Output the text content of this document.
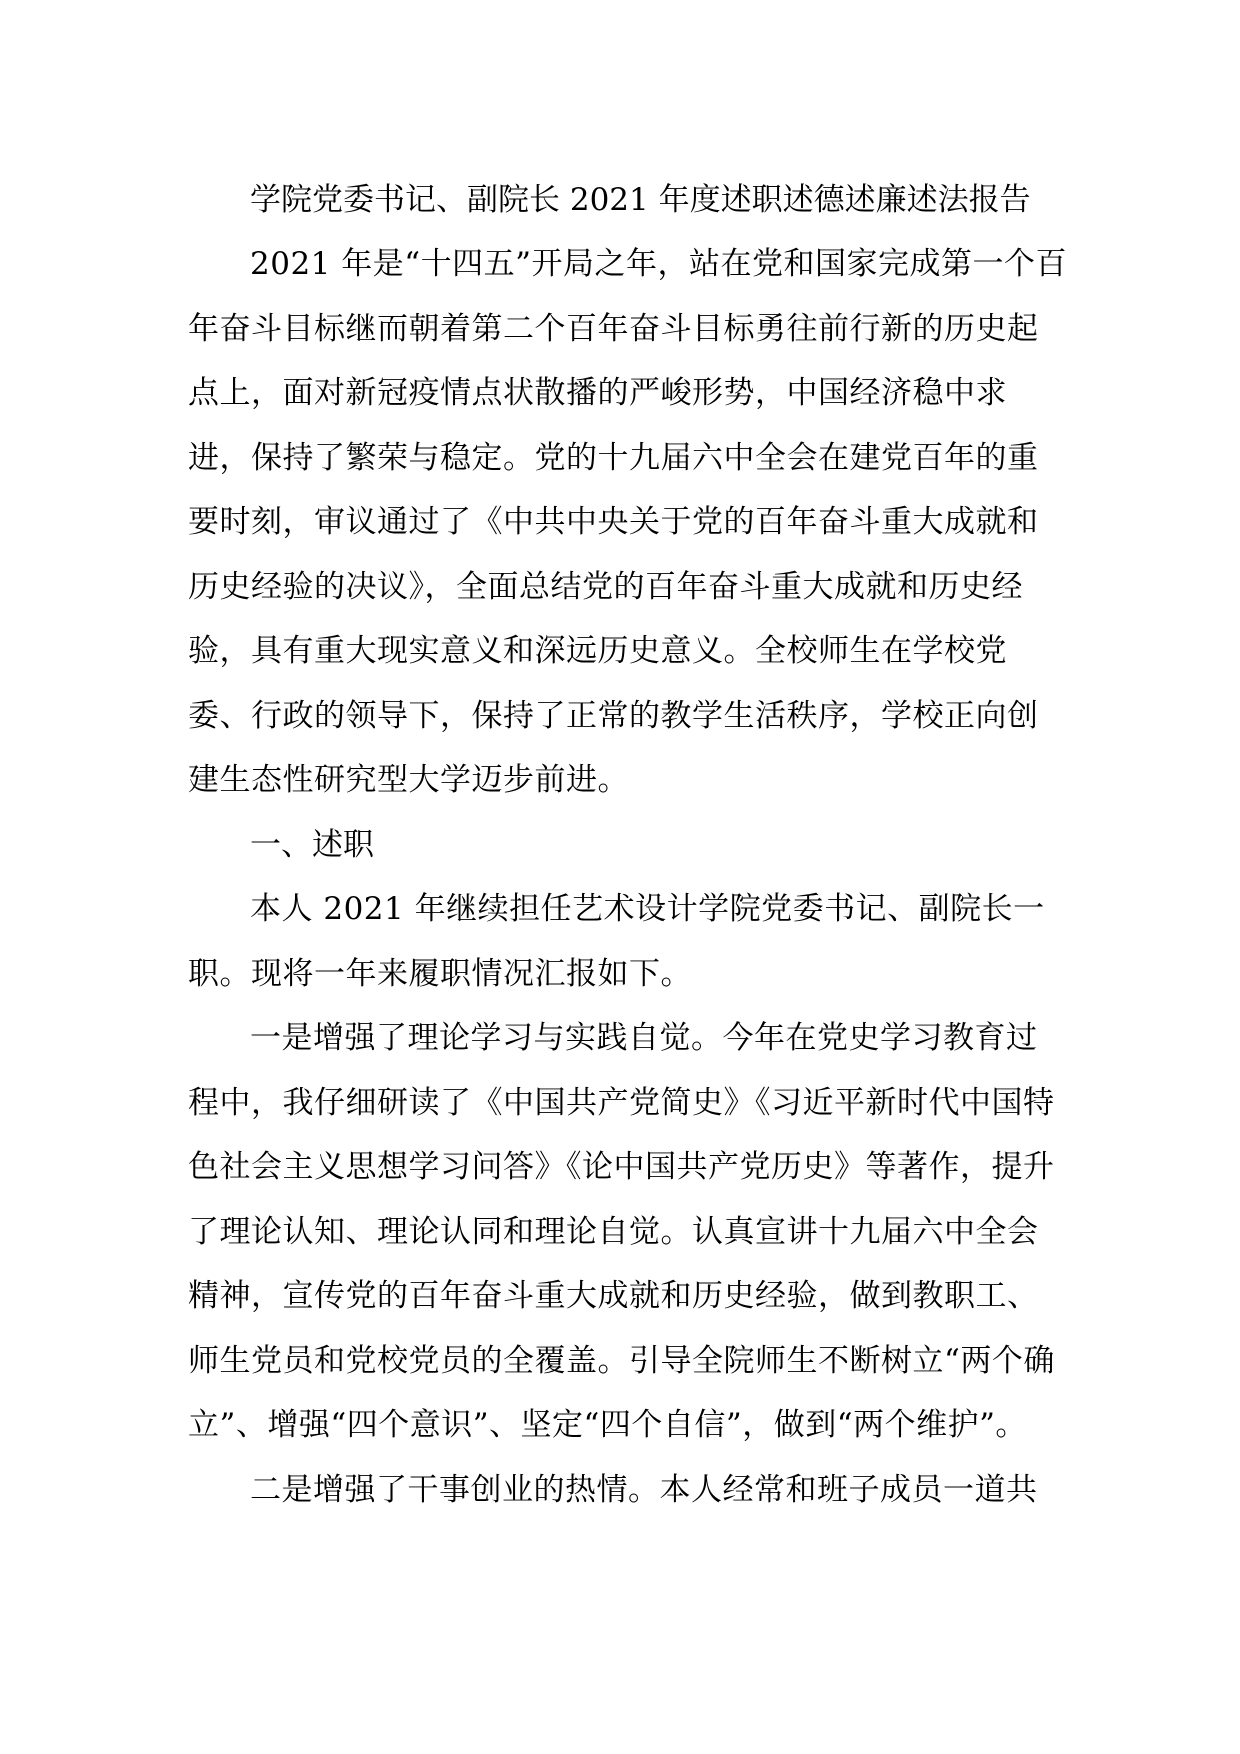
学院党委书记、副院长 2021 年度述职述德述廉述法报告

2021 年是“十四五”开局之年，站在党和国家完成第一个百年奋斗目标继而朝着第二个百年奋斗目标勇往前行新的历史起点上，面对新冠疫情点状散播的严峻形势，中国经济稳中求进，保持了繁荣与稳定。党的十九届六中全会在建党百年的重要时刻，审议通过了《中共中央关于党的百年奋斗重大成就和历史经验的决议》，全面总结党的百年奋斗重大成就和历史经验，具有重大现实意义和深远历史意义。全校师生在学校党委、行政的领导下，保持了正常的教学生活秩序，学校正向创建生态性研究型大学迈步前进。

一、述职

本人 2021 年继续担任艺术设计学院党委书记、副院长一职。现将一年来履职情况汇报如下。

一是增强了理论学习与实践自觉。今年在党史学习教育过程中，我仔细研读了《中国共产党简史》《习近平新时代中国特色社会主义思想学习问答》《论中国共产党历史》等著作，提升了理论认知、理论认同和理论自觉。认真宣讲十九届六中全会精神，宣传党的百年奋斗重大成就和历史经验，做到教职工、师生党员和党校党员的全覆盖。引导全院师生不断树立“两个确立”、增强“四个意识”、坚定“四个自信”，做到“两个维护”。

二是增强了干事创业的热情。本人经常和班子成员一道共
